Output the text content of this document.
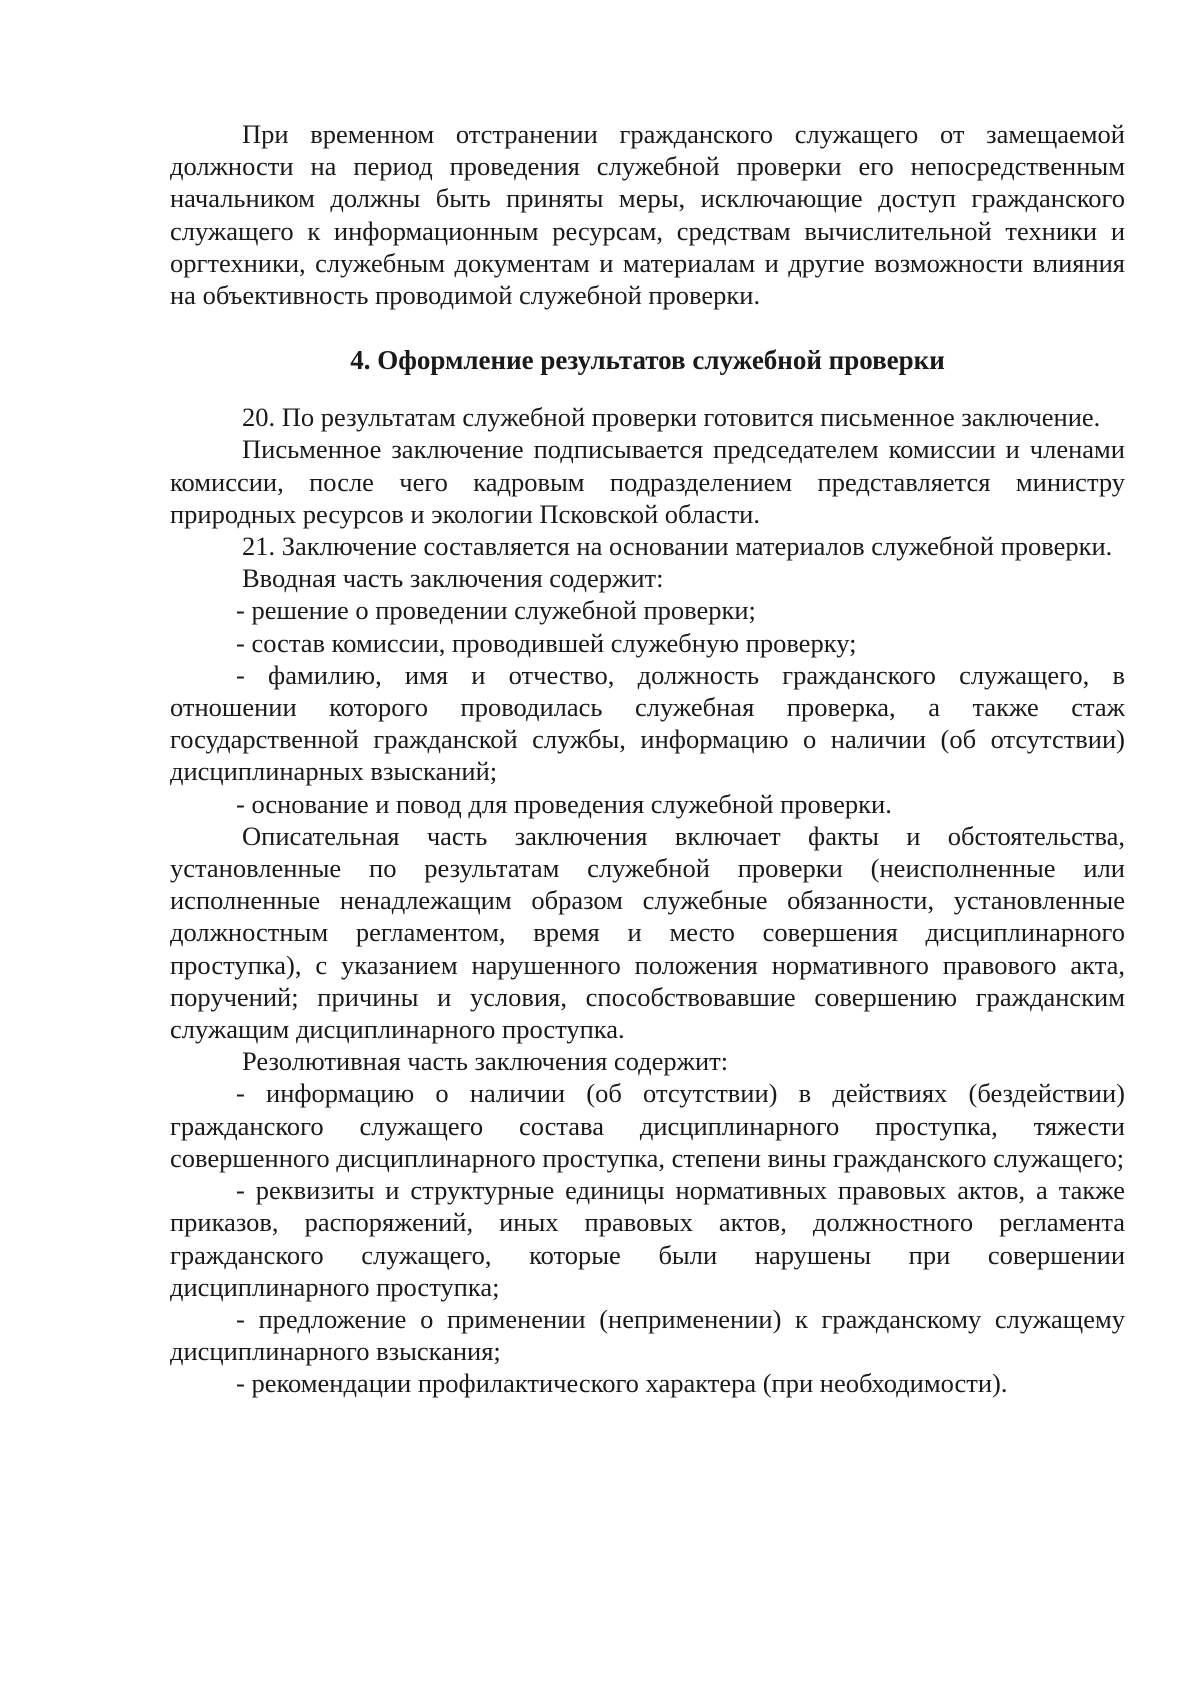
При временном отстранении гражданского служащего от замещаемой должности на период проведения служебной проверки его непосредственным начальником должны быть приняты меры, исключающие доступ гражданского служащего к информационным ресурсам, средствам вычислительной техники и оргтехники, служебным документам и материалам и другие возможности влияния на объективность проводимой служебной проверки.

4. Оформление результатов служебной проверки

20. По результатам служебной проверки готовится письменное заключение.

Письменное заключение подписывается председателем комиссии и членами комиссии, после чего кадровым подразделением представляется министру природных ресурсов и экологии Псковской области.

21. Заключение составляется на основании материалов служебной проверки.

Вводная часть заключения содержит:

- решение о проведении служебной проверки;

- состав комиссии, проводившей служебную проверку;

- фамилию, имя и отчество, должность гражданского служащего, в отношении которого проводилась служебная проверка, а также стаж государственной гражданской службы, информацию о наличии (об отсутствии) дисциплинарных взысканий;

- основание и повод для проведения служебной проверки.

Описательная часть заключения включает факты и обстоятельства, установленные по результатам служебной проверки (неисполненные или исполненные ненадлежащим образом служебные обязанности, установленные должностным регламентом, время и место совершения дисциплинарного проступка), с указанием нарушенного положения нормативного правового акта, поручений; причины и условия, способствовавшие совершению гражданским служащим дисциплинарного проступка.

Резолютивная часть заключения содержит:

- информацию о наличии (об отсутствии) в действиях (бездействии) гражданского служащего состава дисциплинарного проступка, тяжести совершенного дисциплинарного проступка, степени вины гражданского служащего;

- реквизиты и структурные единицы нормативных правовых актов, а также приказов, распоряжений, иных правовых актов, должностного регламента гражданского служащего, которые были нарушены при совершении дисциплинарного проступка;

- предложение о применении (неприменении) к гражданскому служащему дисциплинарного взыскания;

- рекомендации профилактического характера (при необходимости).
